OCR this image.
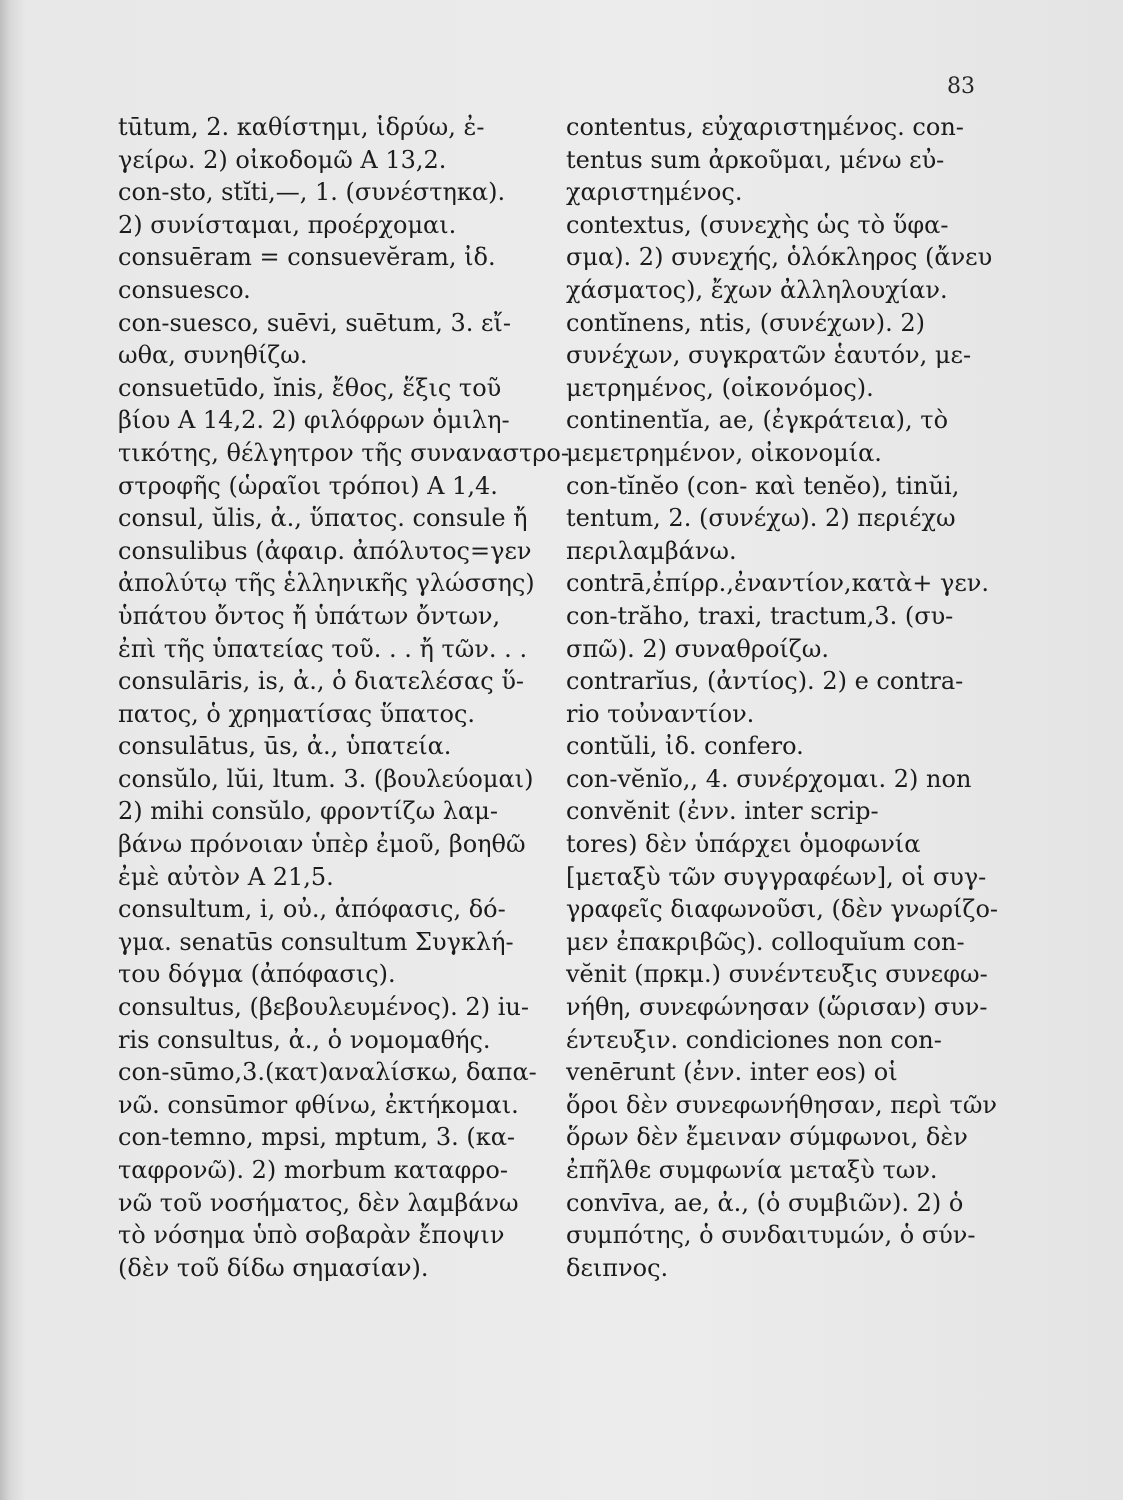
83
tūtum, 2. καθίστημι, ἱδρύω, ἐ-
γείρω. 2) οἰκοδομῶ Α 13,2.
con-sto, stĭti,—, 1. (συνέστηκα).
2) συνίσταμαι, προέρχομαι.
consuēram = consuevĕram, ἰδ.
consuesco.
con-suesco, suēvi, suētum, 3. εἴ-
ωθα, συνηθίζω.
consuetūdo, ĭnis, ἔθος, ἕξις τοῦ
βίου Α 14,2. 2) φιλόφρων ὁμιλη-
τικότης, θέλγητρον τῆς συναναστρο-
στροφῆς (ὡραῖοι τρόποι) Α 1,4.
consul, ŭlis, ἀ., ὕπατος. consule ἤ
consulibus (ἀφαιρ. ἀπόλυτος=γεν
ἀπολύτῳ τῆς ἑλληνικῆς γλώσσης)
ὑπάτου ὄντος ἤ ὑπάτων ὄντων,
ἐπὶ τῆς ὑπατείας τοῦ. . . ἤ τῶν. . .
consulāris, is, ἀ., ὁ διατελέσας ὕ-
πατος, ὁ χρηματίσας ὕπατος.
consulātus, ūs, ἀ., ὑπατεία.
consŭlo, lŭi, ltum. 3. (βουλεύομαι)
2) mihi consŭlo, φροντίζω λαμ-
βάνω πρόνοιαν ὑπὲρ ἐμοῦ, βοηθῶ
ἐμὲ αὐτὸν Α 21,5.
consultum, i, οὐ., ἀπόφασις, δό-
γμα. senatūs consultum Συγκλή-
του δόγμα (ἀπόφασις).
consultus, (βεβουλευμένος). 2) iu-
ris consultus, ἀ., ὁ νομομαθής.
con-sūmo,3.(κατ)αναλίσκω, δαπα-
νῶ. consūmor φθίνω, ἐκτήκομαι.
con-temno, mpsi, mptum, 3. (κα-
ταφρονῶ). 2) morbum καταφρο-
νῶ τοῦ νοσήματος, δὲν λαμβάνω
τὸ νόσημα ὑπὸ σοβαρὰν ἔποψιν
(δὲν τοῦ δίδω σημασίαν).
contentus, εὐχαριστημένος. con-
tentus sum ἀρκοῦμαι, μένω εὐ-
χαριστημένος.
contextus, (συνεχὴς ὡς τὸ ὕφα-
σμα). 2) συνεχής, ὁλόκληρος (ἄνευ
χάσματος), ἔχων ἀλληλουχίαν.
contĭnens, ntis, (συνέχων). 2)
συνέχων, συγκρατῶν ἑαυτόν, με-
μετρημένος, (οἰκονόμος).
continentĭa, ae, (ἐγκράτεια), τὸ
μεμετρημένον, οἰκονομία.
con-tĭnĕo (con- καὶ tenĕo), tinŭi,
tentum, 2. (συνέχω). 2) περιέχω
περιλαμβάνω.
contrā,ἐπίρρ.,ἐναντίον,κατὰ+ γεν.
con-trăho, traxi, tractum,3. (συ-
σπῶ). 2) συναθροίζω.
contrarĭus, (ἀντίος). 2) e contra-
rio τοὐναντίον.
contŭli, ἰδ. confero.
con-vĕnĭo,, 4. συνέρχομαι. 2) non
convĕnit (ἐνν. inter scrip-
tores) δὲν ὑπάρχει ὁμοφωνία
[μεταξὺ τῶν συγγραφέων], οἱ συγ-
γραφεῖς διαφωνοῦσι, (δὲν γνωρίζο-
μεν ἐπακριβῶς). colloquĭum con-
vĕnit (πρκμ.) συνέντευξις συνεφω-
νήθη, συνεφώνησαν (ὥρισαν) συν-
έντευξιν. condiciones non con-
venērunt (ἐνν. inter eos) οἱ
ὅροι δὲν συνεφωνήθησαν, περὶ τῶν
ὅρων δὲν ἔμειναν σύμφωνοι, δὲν
ἐπῆλθε συμφωνία μεταξὺ των.
convīva, ae, ἀ., (ὁ συμβιῶν). 2) ὁ
συμπότης, ὁ συνδαιτυμών, ὁ σύν-
δειπνος.
